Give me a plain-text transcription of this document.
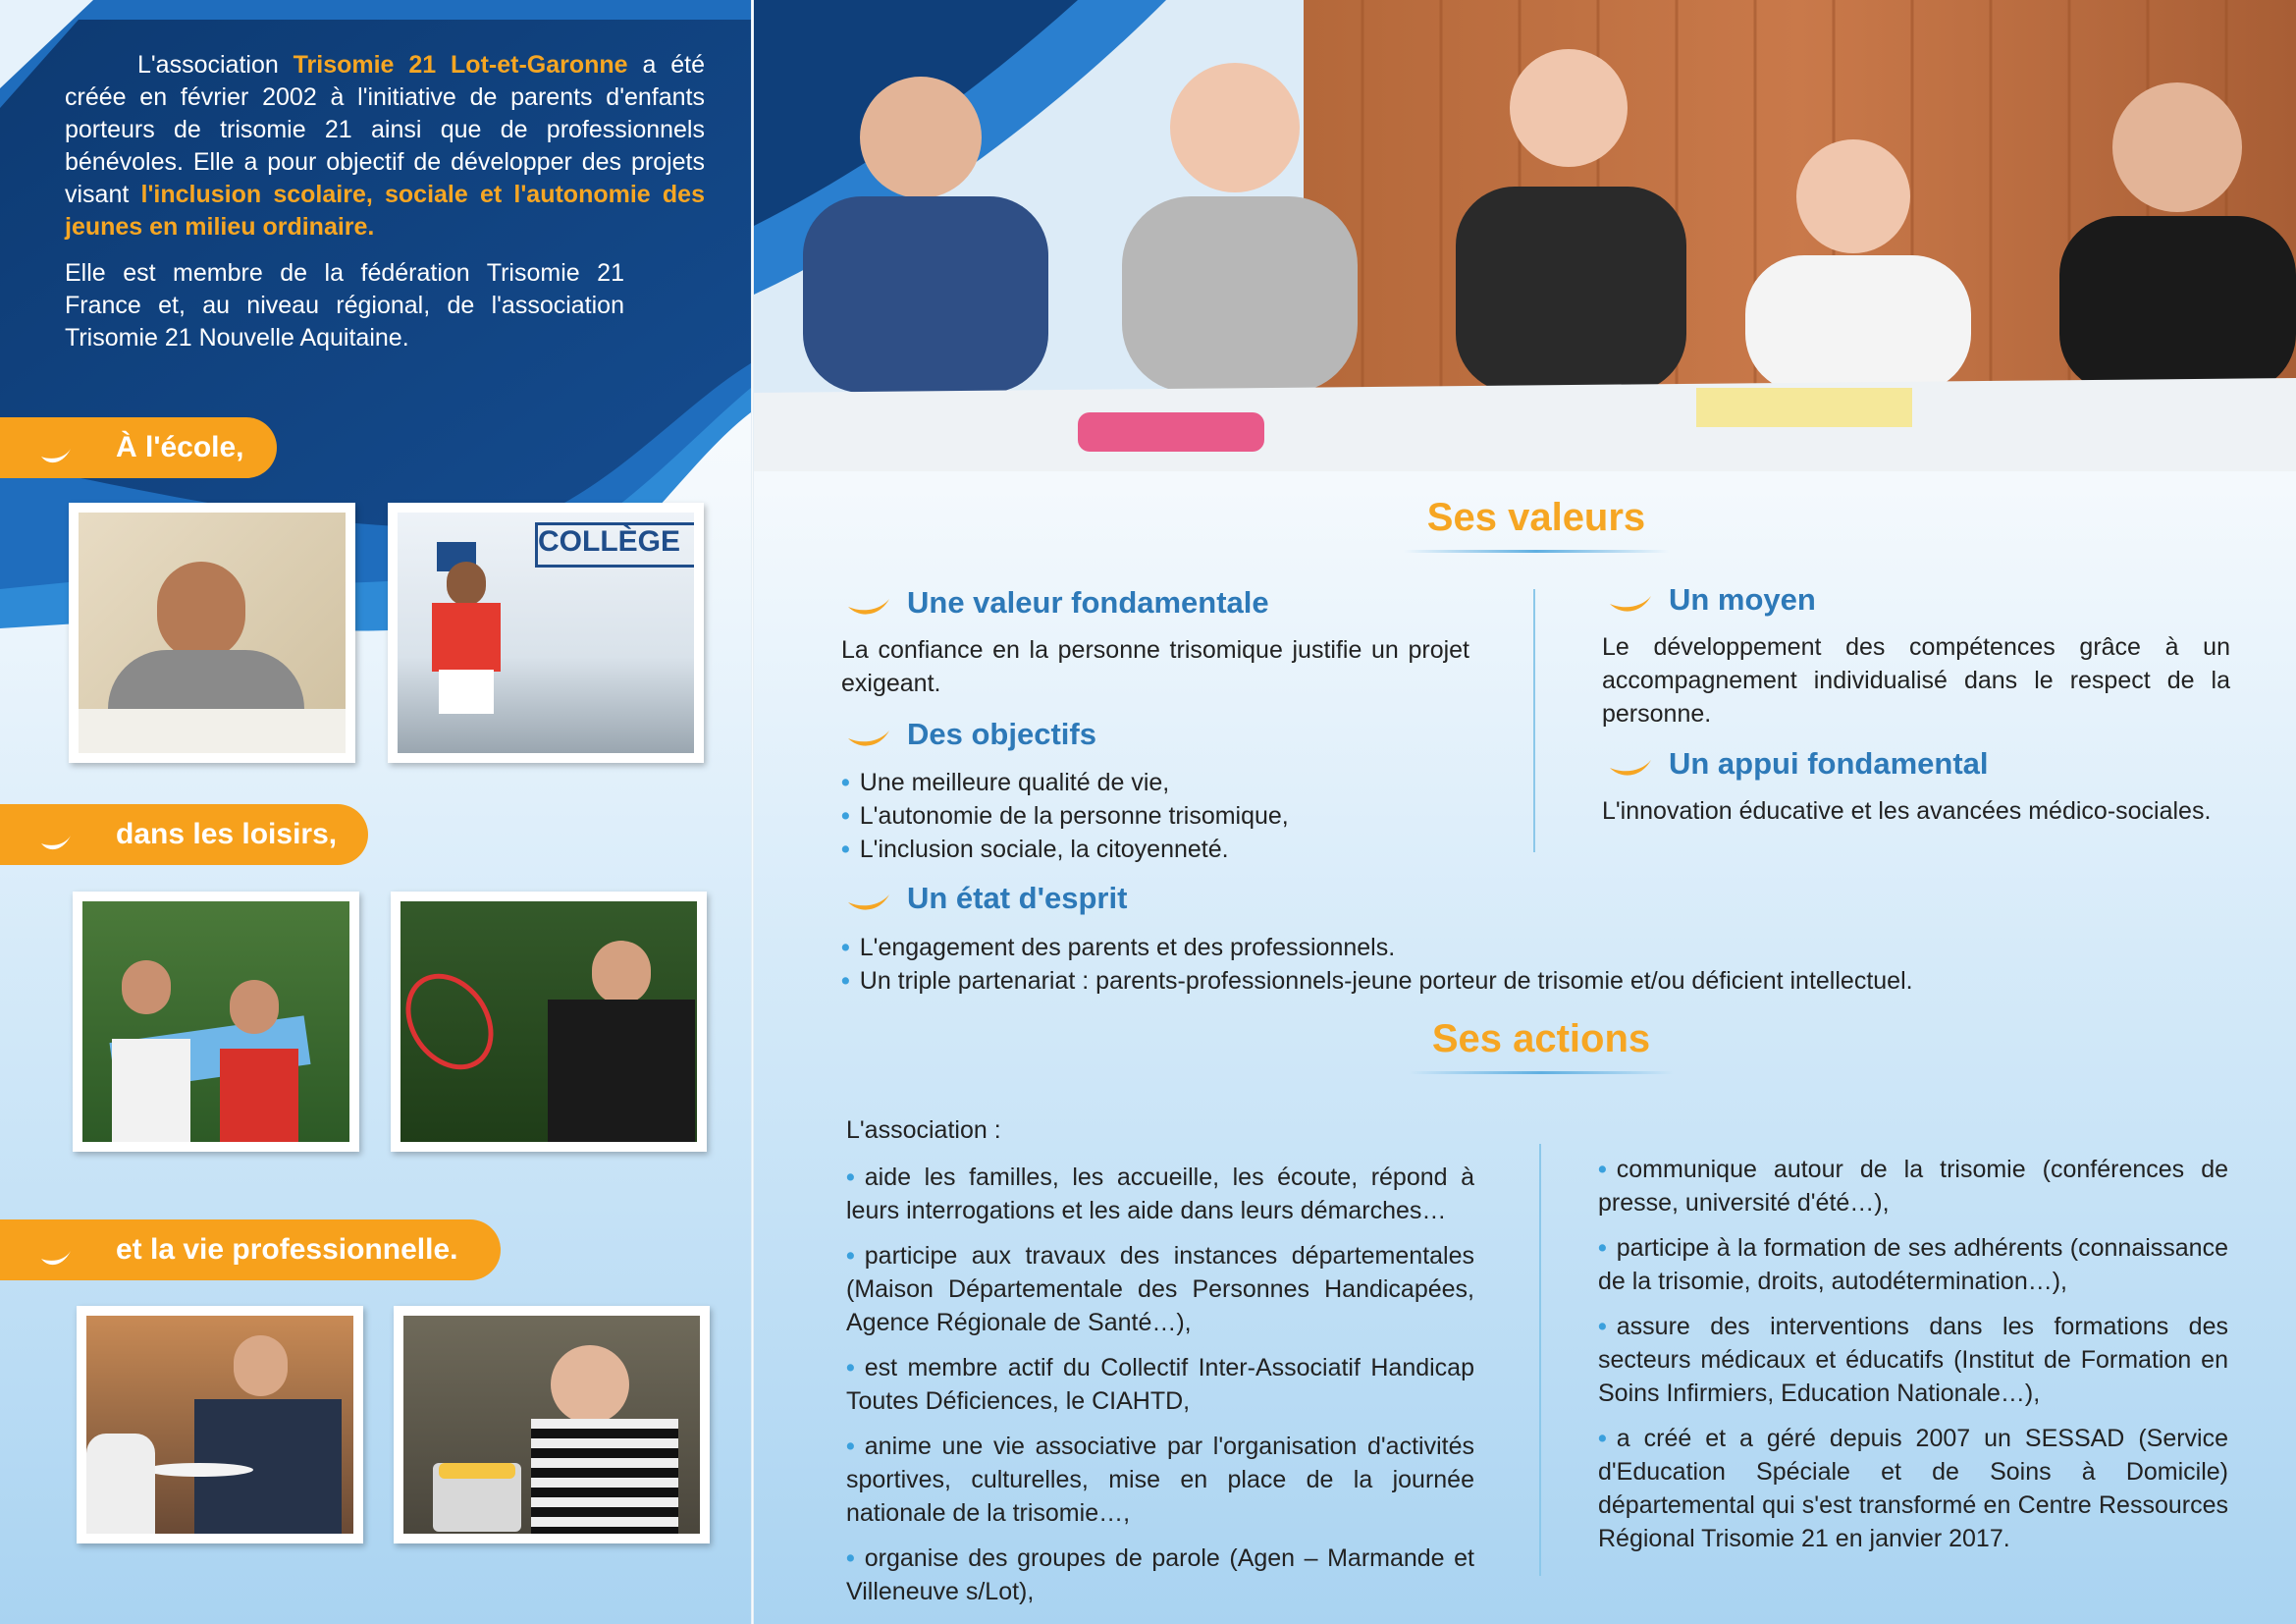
L'association Trisomie 21 Lot-et-Garonne a été créée en février 2002 à l'initiative de parents d'enfants porteurs de trisomie 21 ainsi que de professionnels bénévoles. Elle a pour objectif de développer des projets visant l'inclusion scolaire, sociale et l'autonomie des jeunes en milieu ordinaire.

Elle est membre de la fédération Trisomie 21 France et, au niveau régional, de l'association Trisomie 21 Nouvelle Aquitaine.

À l'école,
dans les loisirs,
et la vie professionnelle.
COLLÈGE
Ses valeurs
Une valeur fondamentale

La confiance en la personne trisomique justifie un projet exigeant.

Des objectifs

• Une meilleure qualité de vie,

• L'autonomie de la personne trisomique,

• L'inclusion sociale, la citoyenneté.

Un état d'esprit

• L'engagement des parents et des professionnels.

• Un triple partenariat : parents-professionnels-jeune porteur de trisomie et/ou déficient intellectuel.

Un moyen

Le développement des compétences grâce à un accompagnement individualisé dans le respect de la personne.

Un appui fondamental

L'innovation éducative et les avancées médico-sociales.

Ses actions

L'association :

• aide les familles, les accueille, les écoute, répond à leurs interrogations et les aide dans leurs démarches…

• participe aux travaux des instances départementales (Maison Départementale des Personnes Handicapées, Agence Régionale de Santé…),

• est membre actif du Collectif Inter-Associatif Handicap Toutes Déficiences, le CIAHTD,

• anime une vie associative par l'organisation d'activités sportives, culturelles, mise en place de la journée nationale de la trisomie…,

• organise des groupes de parole (Agen – Marmande et Villeneuve s/Lot),

• communique autour de la trisomie (conférences de presse, université d'été…),

• participe à la formation de ses adhérents (connaissance de la trisomie, droits, autodétermination…),

• assure des interventions dans les formations des secteurs médicaux et éducatifs (Institut de Formation en Soins Infirmiers, Education Nationale…),

• a créé et a géré depuis 2007 un SESSAD (Service d'Education Spéciale et de Soins à Domicile) départemental qui s'est transformé en Centre Ressources Régional Trisomie 21 en janvier 2017.
